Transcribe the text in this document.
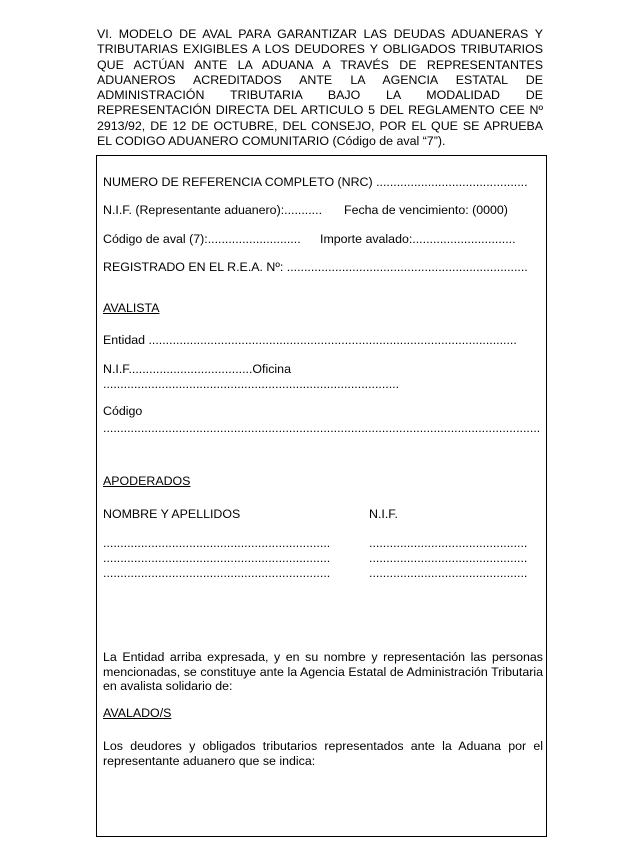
VI. MODELO DE AVAL PARA GARANTIZAR LAS DEUDAS ADUANERAS Y TRIBUTARIAS EXIGIBLES A LOS DEUDORES Y OBLIGADOS TRIBUTARIOS QUE ACTÚAN ANTE LA ADUANA A TRAVÉS DE REPRESENTANTES ADUANEROS ACREDITADOS ANTE LA AGENCIA ESTATAL DE ADMINISTRACIÓN TRIBUTARIA BAJO LA MODALIDAD DE REPRESENTACIÓN DIRECTA DEL ARTICULO 5 DEL REGLAMENTO CEE Nº 2913/92, DE 12 DE OCTUBRE, DEL CONSEJO, POR EL QUE SE APRUEBA EL CODIGO ADUANERO COMUNITARIO (Código de aval “7”).
NUMERO DE REFERENCIA COMPLETO (NRC) ............................................
N.I.F. (Representante aduanero):........... Fecha de vencimiento: (0000)
Código de aval (7):........................... Importe avalado:..............................
REGISTRADO EN EL R.E.A. Nº: ......................................................................
AVALISTA
Entidad ...........................................................................................................
N.I.F....................................Oficina
......................................................................................
Código
...............................................................................................................................
APODERADOS
NOMBRE Y APELLIDOS	N.I.F.
..................................................................
..................................................................
..................................................................
..............................................
..............................................
..............................................
La Entidad arriba expresada, y en su nombre y representación las personas mencionadas, se constituye ante la Agencia Estatal de Administración Tributaria en avalista solidario de:
AVALADO/S
Los deudores y obligados tributarios representados ante la Aduana por el representante aduanero que se indica:
